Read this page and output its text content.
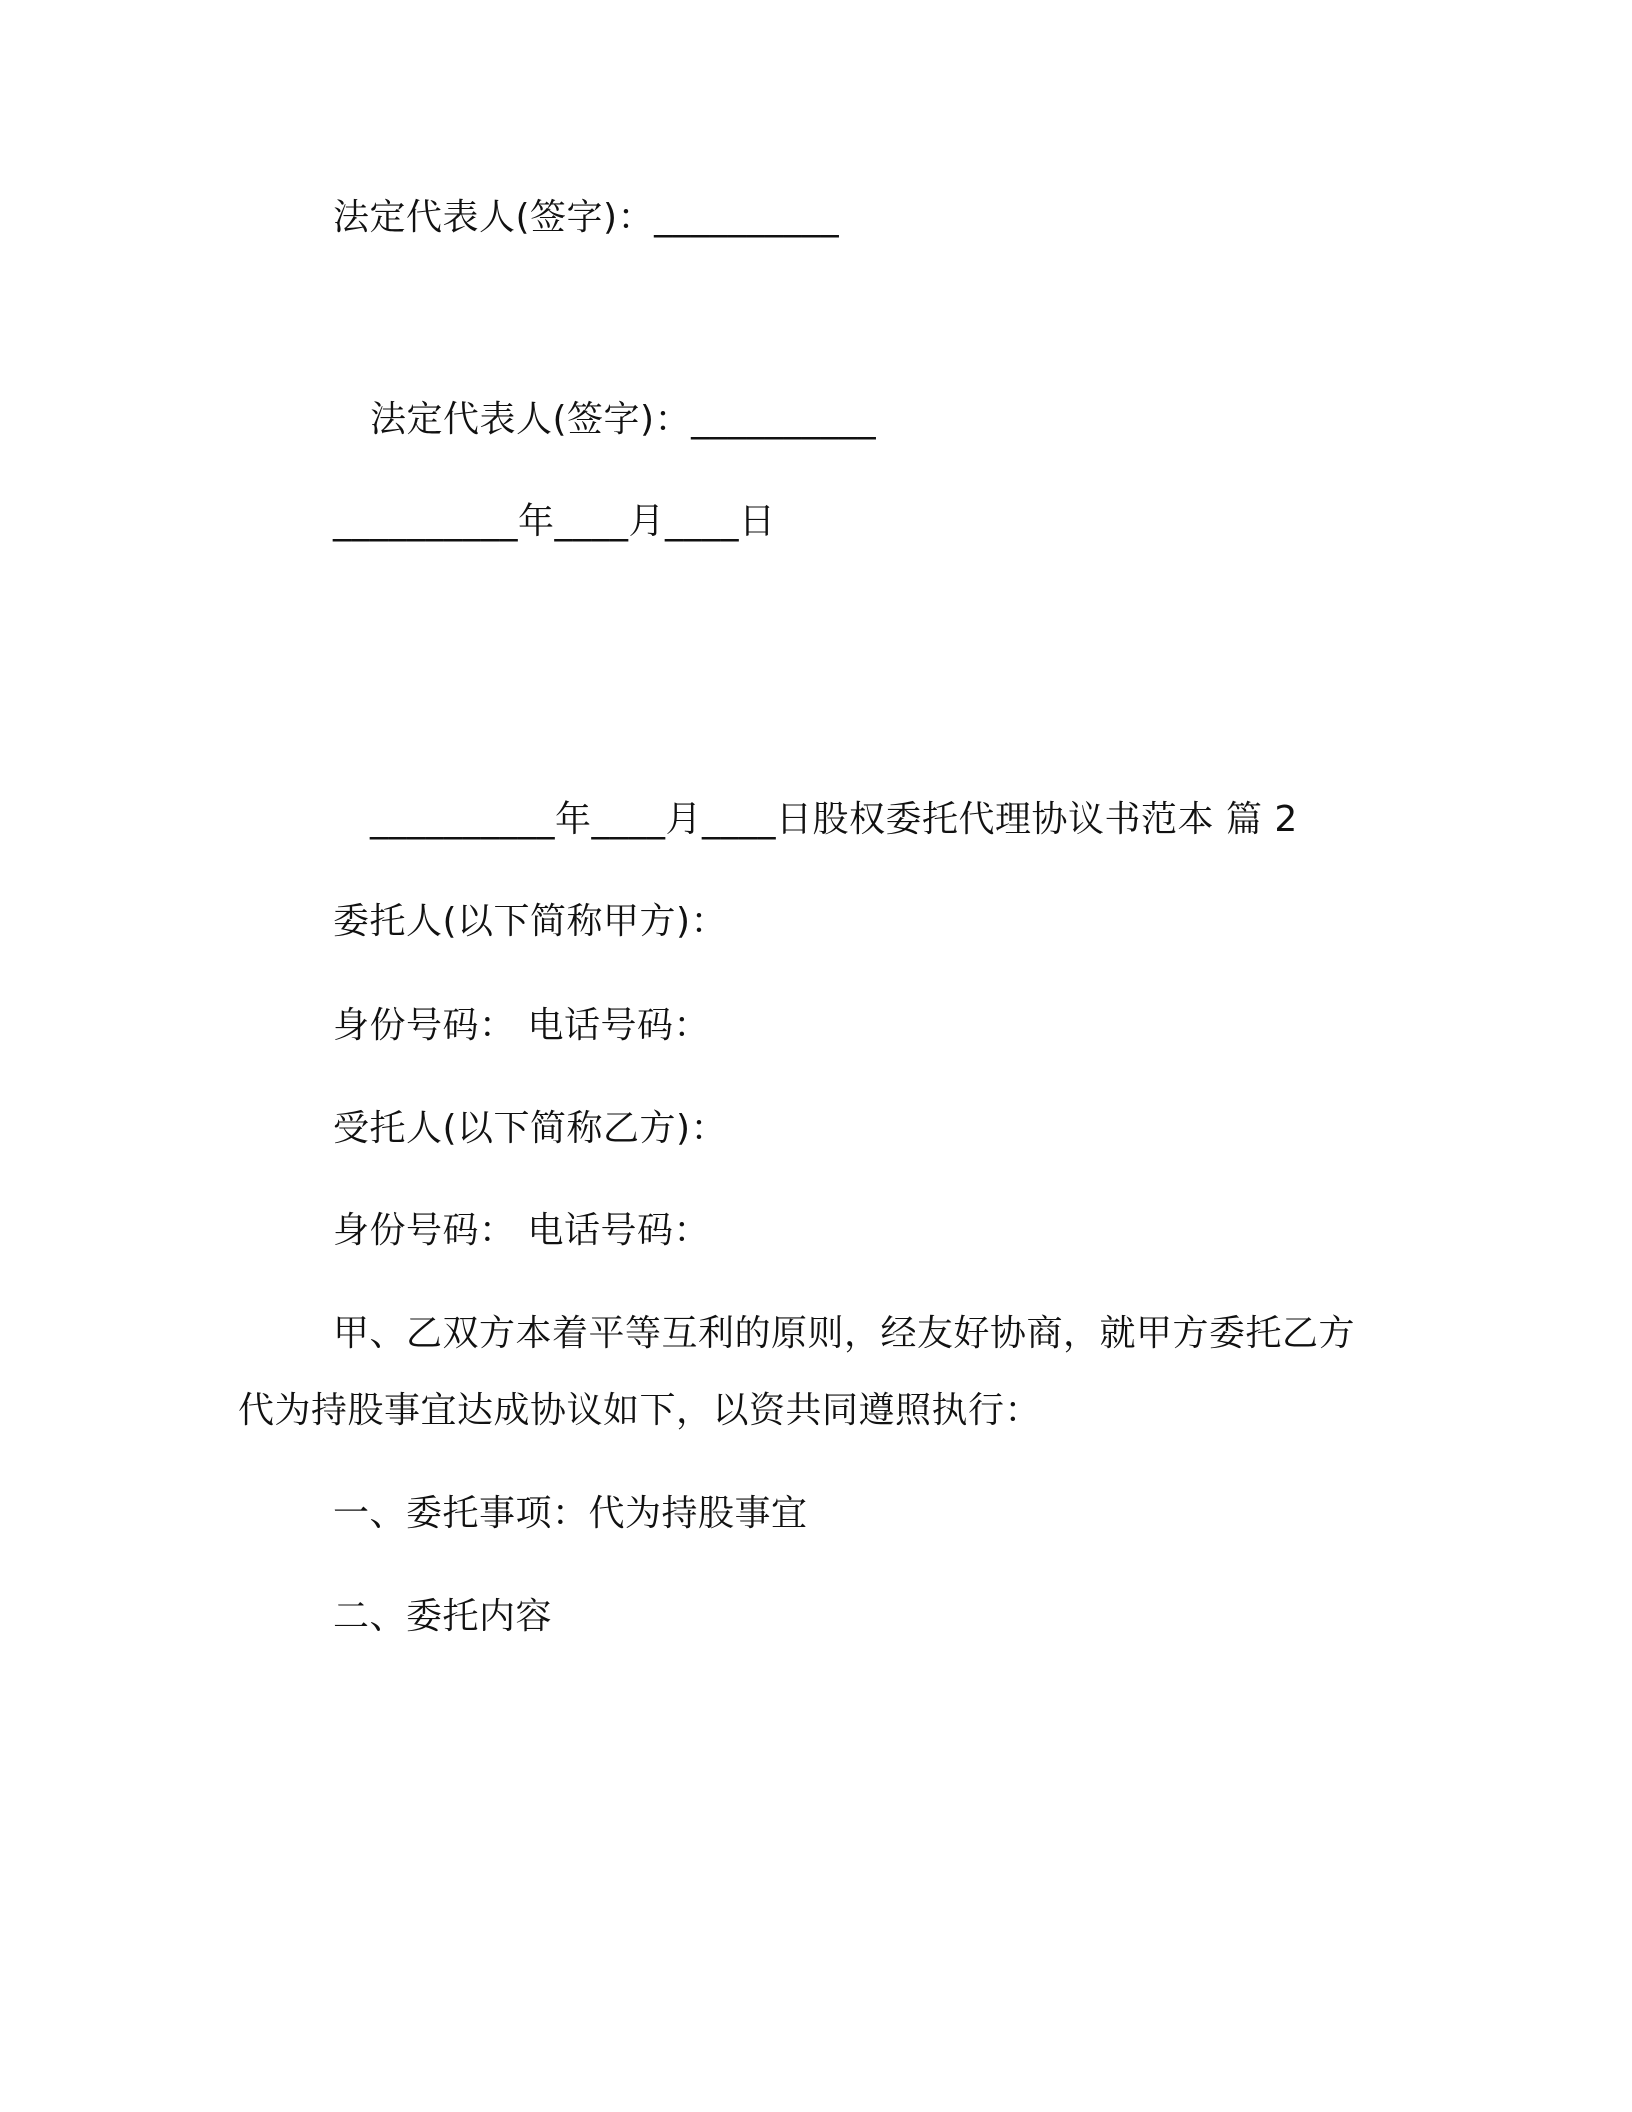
法定代表人(签字)：__________
法定代表人(签字)：__________
__________年____月____日
__________年____月____日股权委托代理协议书范本 篇 2
委托人(以下简称甲方)：
身份号码： 电话号码：
受托人(以下简称乙方)：
身份号码： 电话号码：
甲、乙双方本着平等互利的原则，经友好协商，就甲方委托乙方
代为持股事宜达成协议如下，以资共同遵照执行：
一、委托事项：代为持股事宜
二、委托内容
